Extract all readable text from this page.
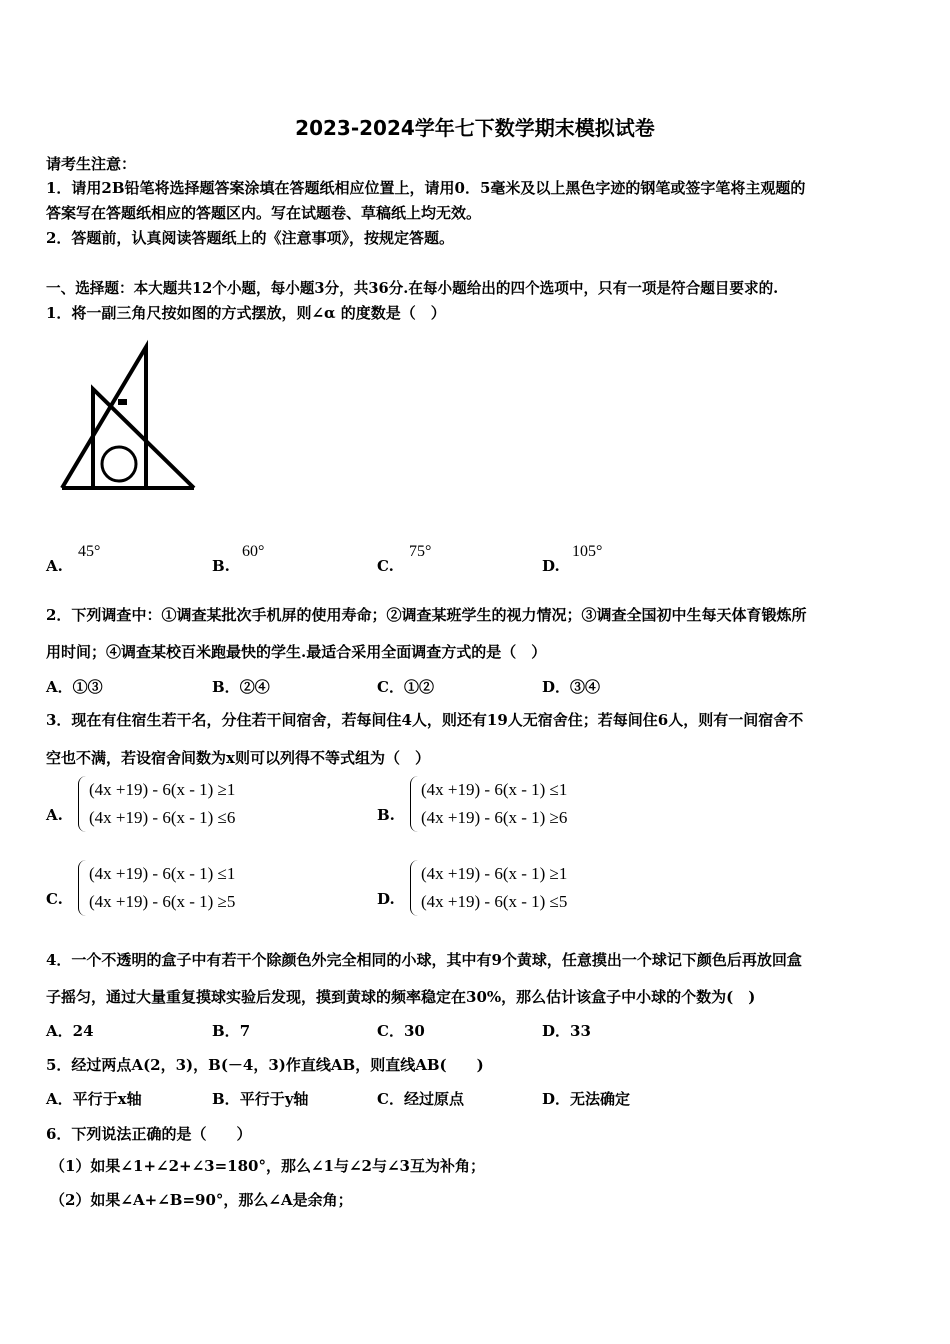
2023-2024学年七下数学期末模拟试卷
请考生注意：
1．请用2B铅笔将选择题答案涂填在答题纸相应位置上，请用0．5毫米及以上黑色字迹的钢笔或签字笔将主观题的
答案写在答题纸相应的答题区内。写在试题卷、草稿纸上均无效。
2．答题前，认真阅读答题纸上的《注意事项》，按规定答题。
一、选择题：本大题共12个小题，每小题3分，共36分.在每小题给出的四个选项中，只有一项是符合题目要求的.
1．将一副三角尺按如图的方式摆放，则∠α 的度数是（　）
A.
45°
B.
60°
C.
75°
D.
105°
2．下列调查中：①调查某批次手机屏的使用寿命；②调查某班学生的视力情况；③调查全国初中生每天体育锻炼所
用时间；④调查某校百米跑最快的学生.最适合采用全面调查方式的是（　）
A．①③	B．②④	C．①②	D．③④
3．现在有住宿生若干名，分住若干间宿舍，若每间住4人，则还有19人无宿舍住；若每间住6人，则有一间宿舍不
空也不满，若设宿舍间数为x则可以列得不等式组为（　）
A.
(4x +19) - 6(x - 1) ≥1
(4x +19) - 6(x - 1) ≤6	B.
(4x +19) - 6(x - 1) ≤1
(4x +19) - 6(x - 1) ≥6
C.
(4x +19) - 6(x - 1) ≤1
(4x +19) - 6(x - 1) ≥5	D.
(4x +19) - 6(x - 1) ≥1
(4x +19) - 6(x - 1) ≤5
4．一个不透明的盒子中有若干个除颜色外完全相同的小球，其中有9个黄球，任意摸出一个球记下颜色后再放回盒
子摇匀，通过大量重复摸球实验后发现，摸到黄球的频率稳定在30%，那么估计该盒子中小球的个数为(　)
A．24	B．7	C．30	D．33
5．经过两点A(2，3)，B(－4，3)作直线AB，则直线AB(　　)
A．平行于x轴	B．平行于y轴	C．经过原点	D．无法确定
6．下列说法正确的是（　　）
（1）如果∠1+∠2+∠3=180°，那么∠1与∠2与∠3互为补角；
（2）如果∠A+∠B=90°，那么∠A是余角；
